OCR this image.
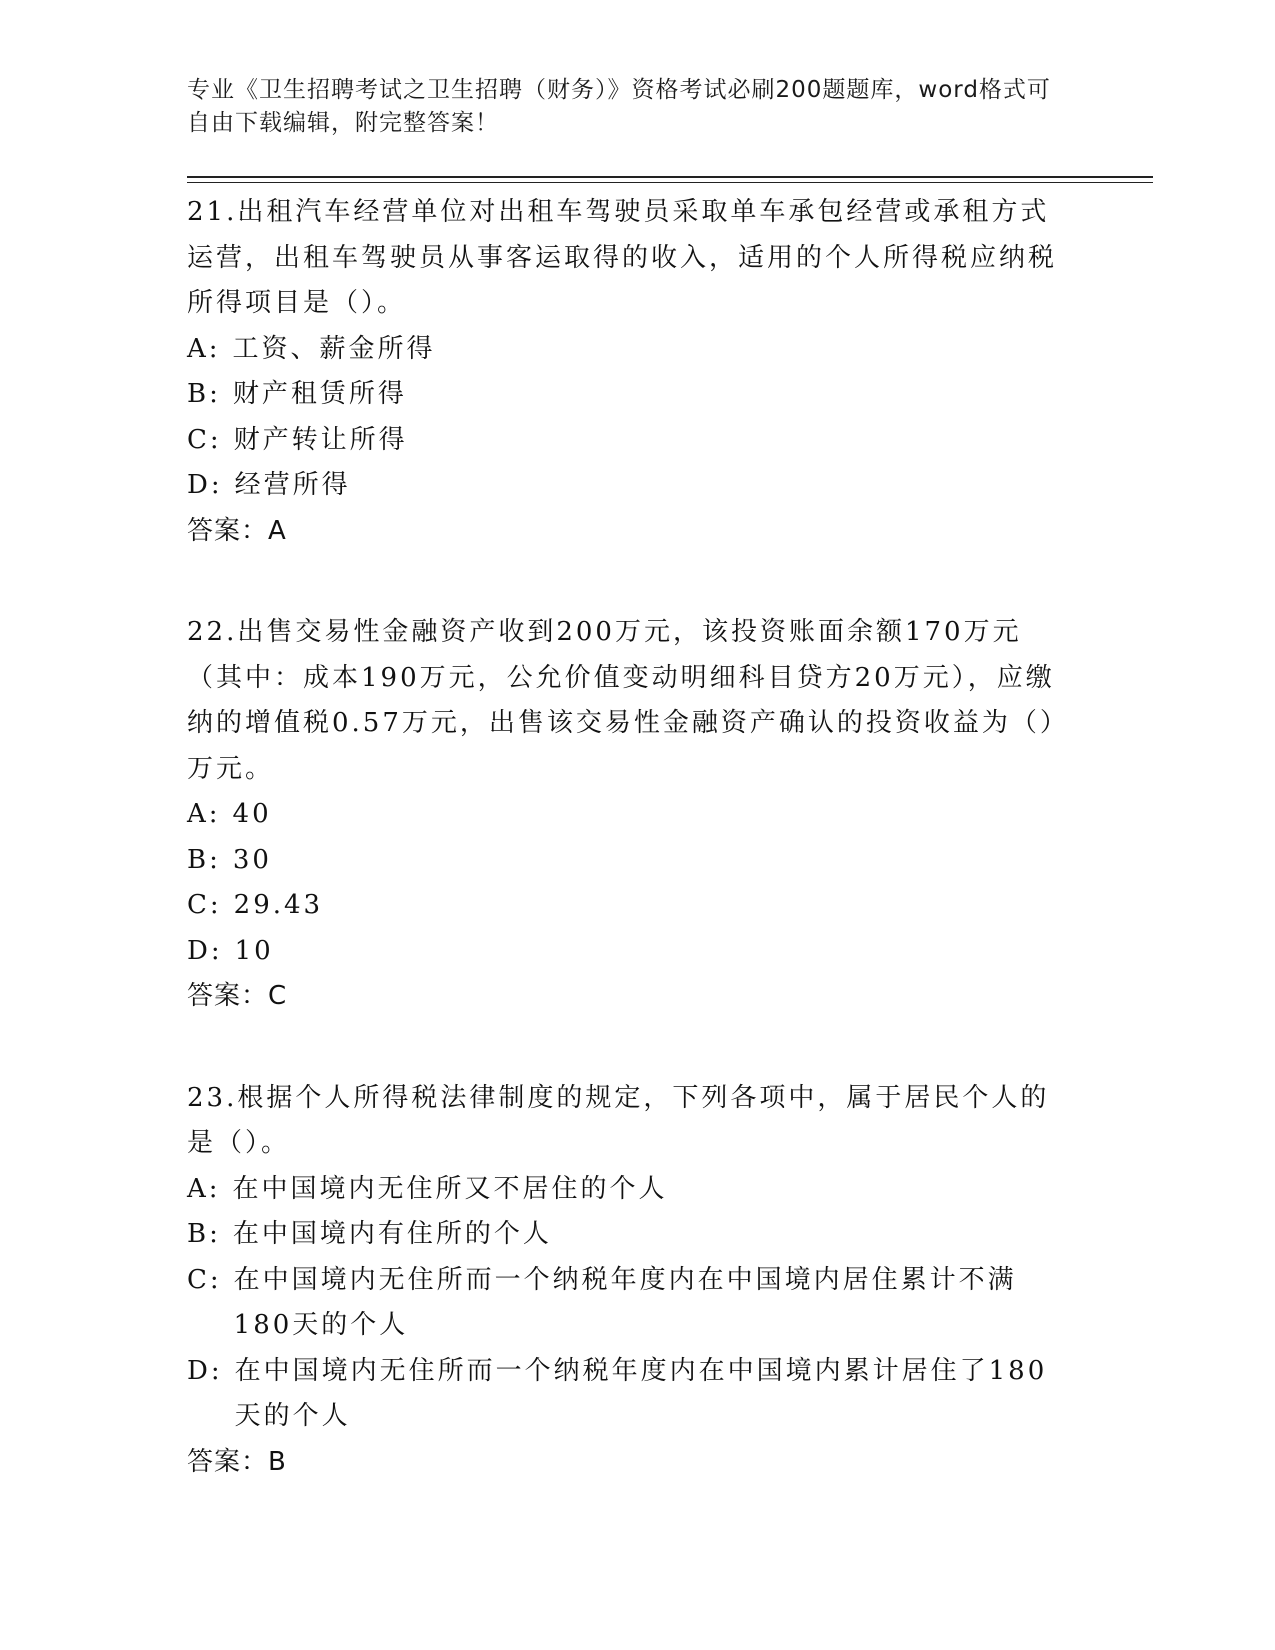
专业《卫生招聘考试之卫生招聘（财务）》资格考试必刷200题题库，word格式可自由下载编辑，附完整答案！

21.出租汽车经营单位对出租车驾驶员采取单车承包经营或承租方式运营，出租车驾驶员从事客运取得的收入，适用的个人所得税应纳税所得项目是（）。

A: 工资、薪金所得

B: 财产租赁所得

C: 财产转让所得

D: 经营所得

答案：A

22.出售交易性金融资产收到200万元，该投资账面余额170万元（其中：成本190万元，公允价值变动明细科目贷方20万元），应缴纳的增值税0.57万元，出售该交易性金融资产确认的投资收益为（）万元。

A: 40

B: 30

C: 29.43

D: 10

答案：C

23.根据个人所得税法律制度的规定，下列各项中，属于居民个人的是（）。

A: 在中国境内无住所又不居住的个人

B: 在中国境内有住所的个人

C: 在中国境内无住所而一个纳税年度内在中国境内居住累计不满180天的个人

D: 在中国境内无住所而一个纳税年度内在中国境内累计居住了180天的个人

答案：B
